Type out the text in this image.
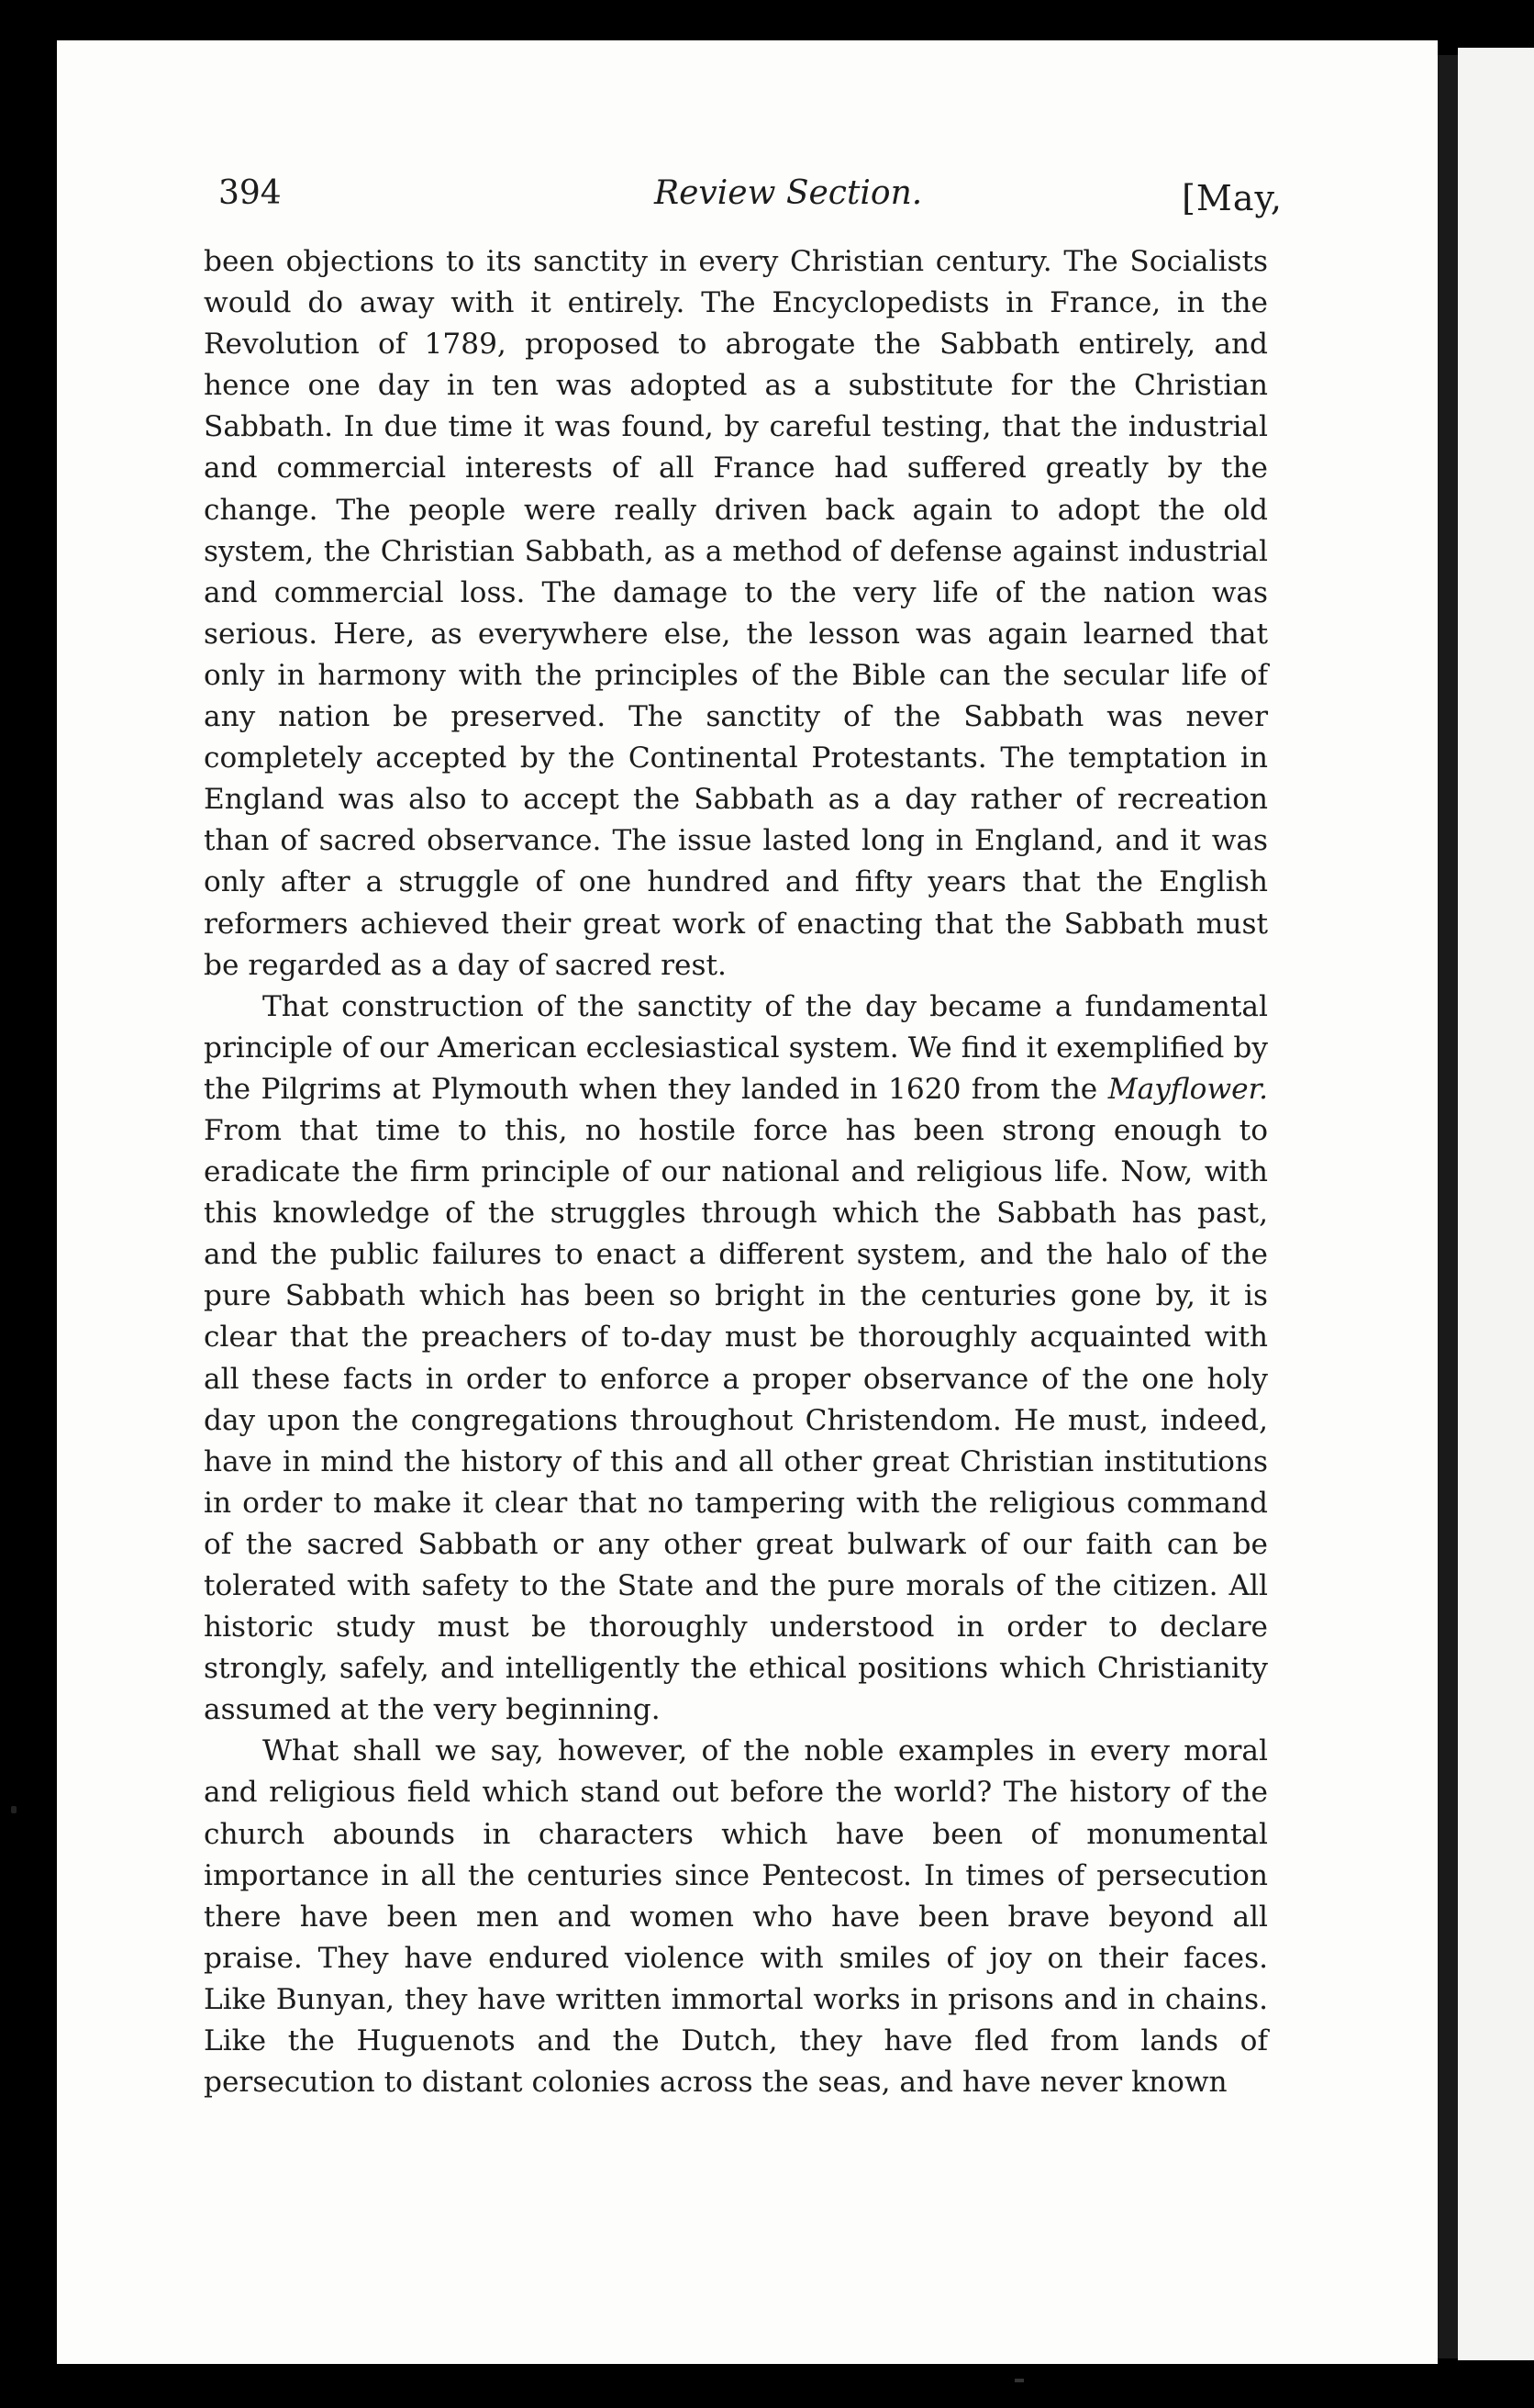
394	Review Section.	[May,

been objections to its sanctity in every Christian century. The Socialists would do away with it entirely. The Encyclopedists in France, in the Revolution of 1789, proposed to abrogate the Sabbath entirely, and hence one day in ten was adopted as a substitute for the Christian Sabbath. In due time it was found, by careful testing, that the industrial and commercial interests of all France had suffered greatly by the change. The people were really driven back again to adopt the old system, the Christian Sabbath, as a method of defense against industrial and commercial loss. The damage to the very life of the nation was serious. Here, as everywhere else, the lesson was again learned that only in harmony with the principles of the Bible can the secular life of any nation be preserved. The sanctity of the Sabbath was never completely accepted by the Continental Protestants. The temptation in England was also to accept the Sabbath as a day rather of recreation than of sacred observance. The issue lasted long in England, and it was only after a struggle of one hundred and fifty years that the English reformers achieved their great work of enacting that the Sabbath must be regarded as a day of sacred rest.

That construction of the sanctity of the day became a fundamental principle of our American ecclesiastical system. We find it exemplified by the Pilgrims at Plymouth when they landed in 1620 from the Mayflower. From that time to this, no hostile force has been strong enough to eradicate the firm principle of our national and religious life. Now, with this knowledge of the struggles through which the Sabbath has past, and the public failures to enact a different system, and the halo of the pure Sabbath which has been so bright in the centuries gone by, it is clear that the preachers of to-day must be thoroughly acquainted with all these facts in order to enforce a proper observance of the one holy day upon the congregations throughout Christendom. He must, indeed, have in mind the history of this and all other great Christian institutions in order to make it clear that no tampering with the religious command of the sacred Sabbath or any other great bulwark of our faith can be tolerated with safety to the State and the pure morals of the citizen. All historic study must be thoroughly understood in order to declare strongly, safely, and intelligently the ethical positions which Christianity assumed at the very beginning.

What shall we say, however, of the noble examples in every moral and religious field which stand out before the world? The history of the church abounds in characters which have been of monumental importance in all the centuries since Pentecost. In times of persecution there have been men and women who have been brave beyond all praise. They have endured violence with smiles of joy on their faces. Like Bunyan, they have written immortal works in prisons and in chains. Like the Huguenots and the Dutch, they have fled from lands of persecution to distant colonies across the seas, and have never known
